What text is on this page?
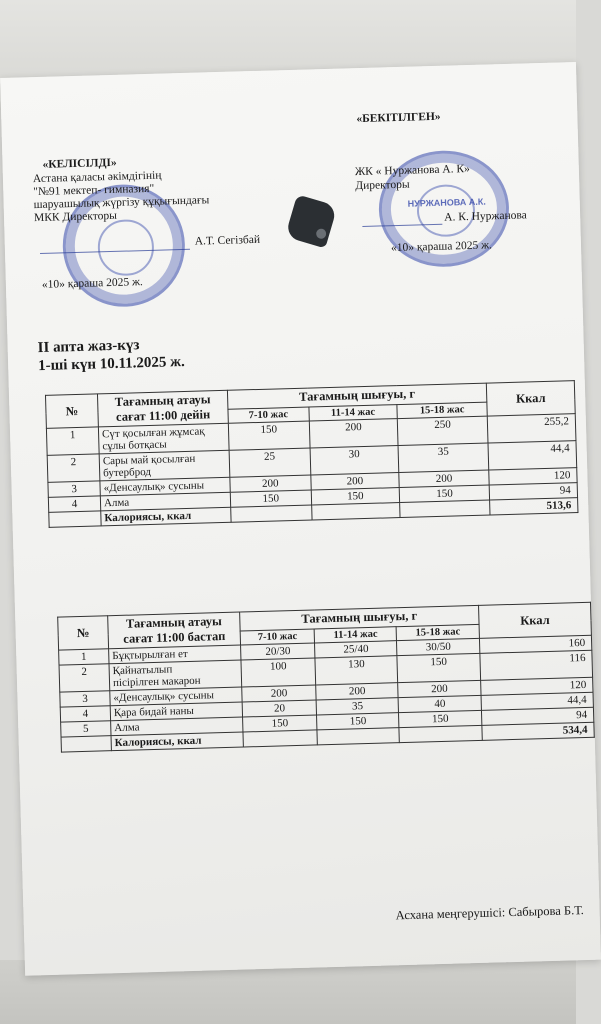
НУРЖАНОВА А.К.
«КЕЛІСІЛДІ»
Астана қаласы әкімдігінің
"№91 мектеп- гимназия"
шаруашылық жүргізу құқығындағы
МКК Директоры
А.Т. Сегізбай
«10» қараша 2025 ж.
«БЕКІТІЛГЕН»
ЖК « Нуржанова А. К»
Директоры
А. К. Нуржанова
«10» қараша 2025 ж.
II апта жаз-күз
1-ші күн 10.11.2025 ж.
№	Тағамның атауы
сағат 11:00 дейін	Тағамның шығуы, г			Ккал
		7-10 жас	11-14 жас	15-18 жас	
1	Сүт қосылған жұмсақ
сұлы ботқасы	150	200	250	255,2
2	Сары май қосылған
бутерброд	25	30	35	44,4
3	«Денсаулық» сусыны	200	200	200	120
4	Алма	150	150	150	94
	Калориясы, ккал				513,6
№	Тағамның атауы
сағат 11:00 бастап	Тағамның шығуы, г			Ккал
		7-10 жас	11-14 жас	15-18 жас	
1	Бұқтырылған ет	20/30	25/40	30/50	160
2	Қайнатылып
пісірілген макарон	100	130	150	116
3	«Денсаулық» сусыны	200	200	200	120
4	Қара бидай наны	20	35	40	44,4
5	Алма	150	150	150	94
	Калориясы, ккал				534,4
Асхана меңгерушісі: Сабырова Б.Т.
